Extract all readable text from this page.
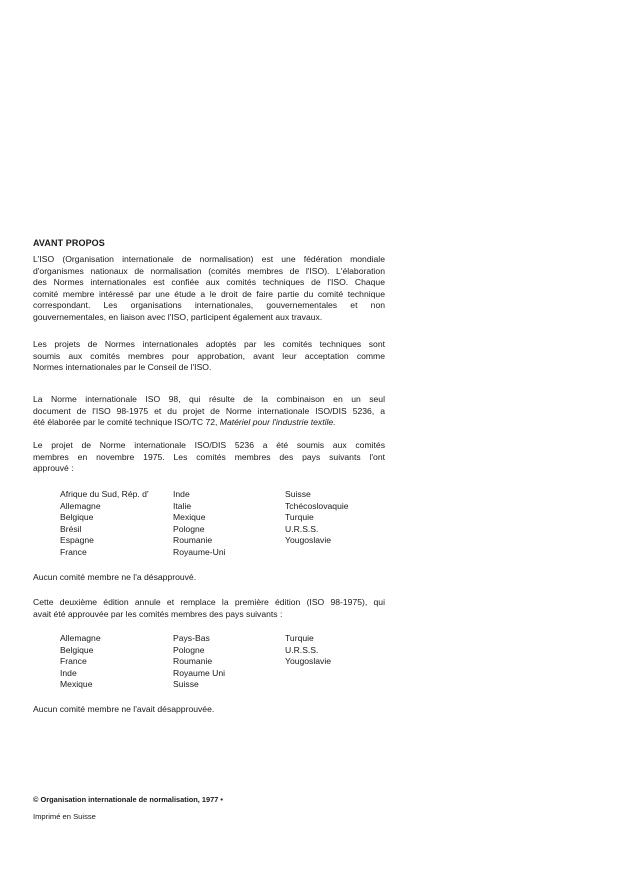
AVANT PROPOS
L'ISO (Organisation internationale de normalisation) est une fédération mondiale
d'organismes nationaux de normalisation (comités membres de l'ISO). L'élaboration
des Normes internationales est confiée aux comités techniques de l'ISO. Chaque
comité membre intéressé par une étude a le droit de faire partie du comité technique
correspondant. Les organisations internationales, gouvernementales et non
gouvernementales, en liaison avec l'ISO, participent également aux travaux.
Les projets de Normes internationales adoptés par les comités techniques sont
soumis aux comités membres pour approbation, avant leur acceptation comme
Normes internationales par le Conseil de l'ISO.
La Norme internationale ISO 98, qui résulte de la combinaison en un seul
document de l'ISO 98-1975 et du projet de Norme internationale ISO/DIS 5236, a
été élaborée par le comité technique ISO/TC 72, Matériel pour l'industrie textile.
Le projet de Norme internationale ISO/DIS 5236 a été soumis aux comités
membres en novembre 1975. Les comités membres des pays suivants l'ont
approuvé :
Afrique du Sud, Rép. d'
Allemagne
Belgique
Brésil
Espagne
France
Inde
Italie
Mexique
Pologne
Roumanie
Royaume-Uni
Suisse
Tchécoslovaquie
Turquie
U.R.S.S.
Yougoslavie
Aucun comité membre ne l'a désapprouvé.
Cette deuxième édition annule et remplace la première édition (ISO 98-1975), qui
avait été approuvée par les comités membres des pays suivants :
Allemagne
Belgique
France
Inde
Mexique
Pays-Bas
Pologne
Roumanie
Royaume Uni
Suisse
Turquie
U.R.S.S.
Yougoslavie
Aucun comité membre ne l'avait désapprouvée.
© Organisation internationale de normalisation, 1977 •
Imprimé en Suisse
